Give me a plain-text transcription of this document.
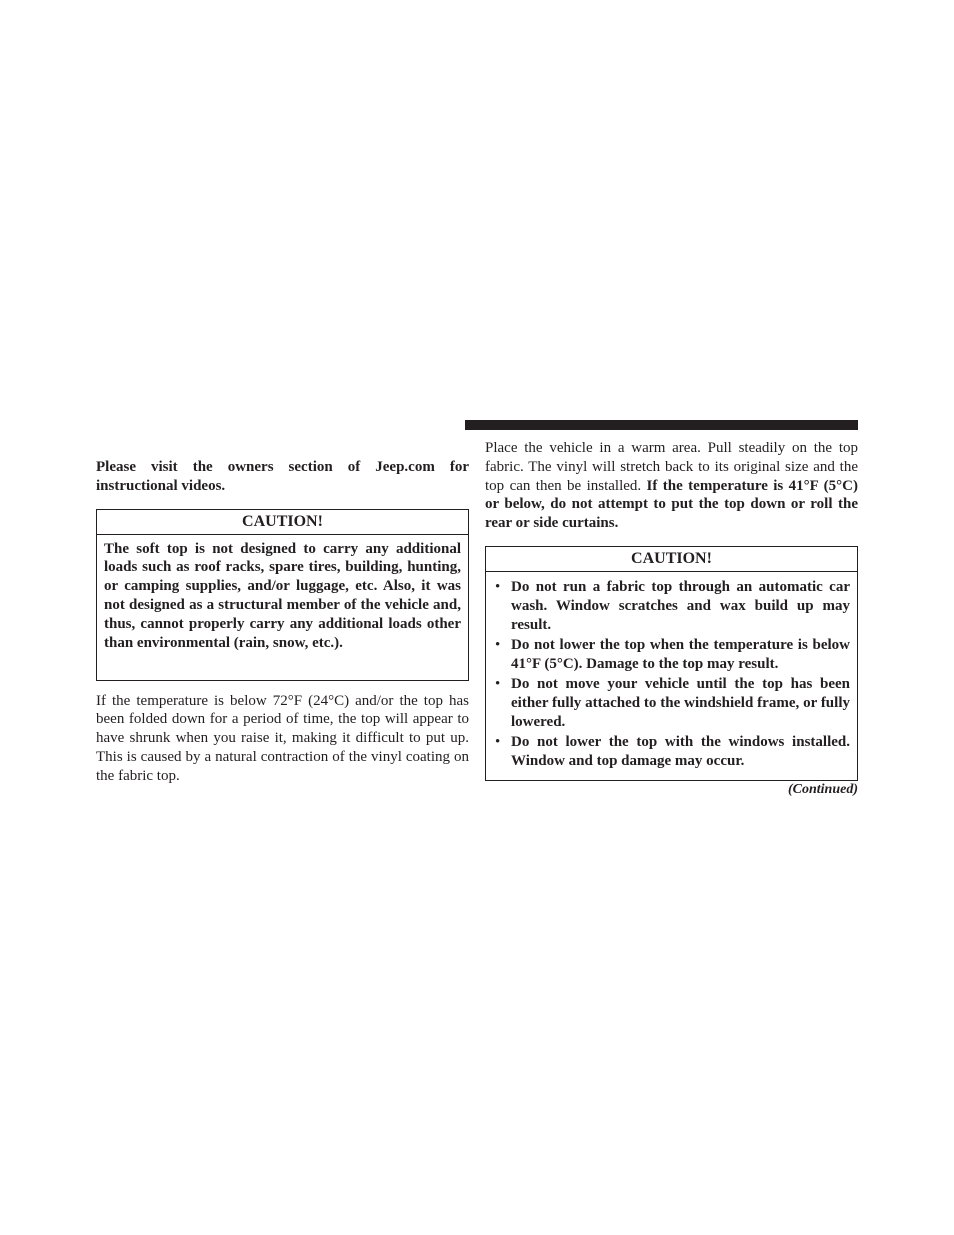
Please visit the owners section of Jeep.com for instructional videos.

CAUTION!
The soft top is not designed to carry any additional loads such as roof racks, spare tires, building, hunting, or camping supplies, and/or luggage, etc. Also, it was not designed as a structural member of the vehicle and, thus, cannot properly carry any additional loads other than environmental (rain, snow, etc.).

If the temperature is below 72°F (24°C) and/or the top has been folded down for a period of time, the top will appear to have shrunk when you raise it, making it difficult to put up. This is caused by a natural contraction of the vinyl coating on the fabric top.

Place the vehicle in a warm area. Pull steadily on the top fabric. The vinyl will stretch back to its original size and the top can then be installed. If the temperature is 41°F (5°C) or below, do not attempt to put the top down or roll the rear or side curtains.

CAUTION!
• Do not run a fabric top through an automatic car wash. Window scratches and wax build up may result.
• Do not lower the top when the temperature is below 41°F (5°C). Damage to the top may result.
• Do not move your vehicle until the top has been either fully attached to the windshield frame, or fully lowered.
• Do not lower the top with the windows installed. Window and top damage may occur.
(Continued)
